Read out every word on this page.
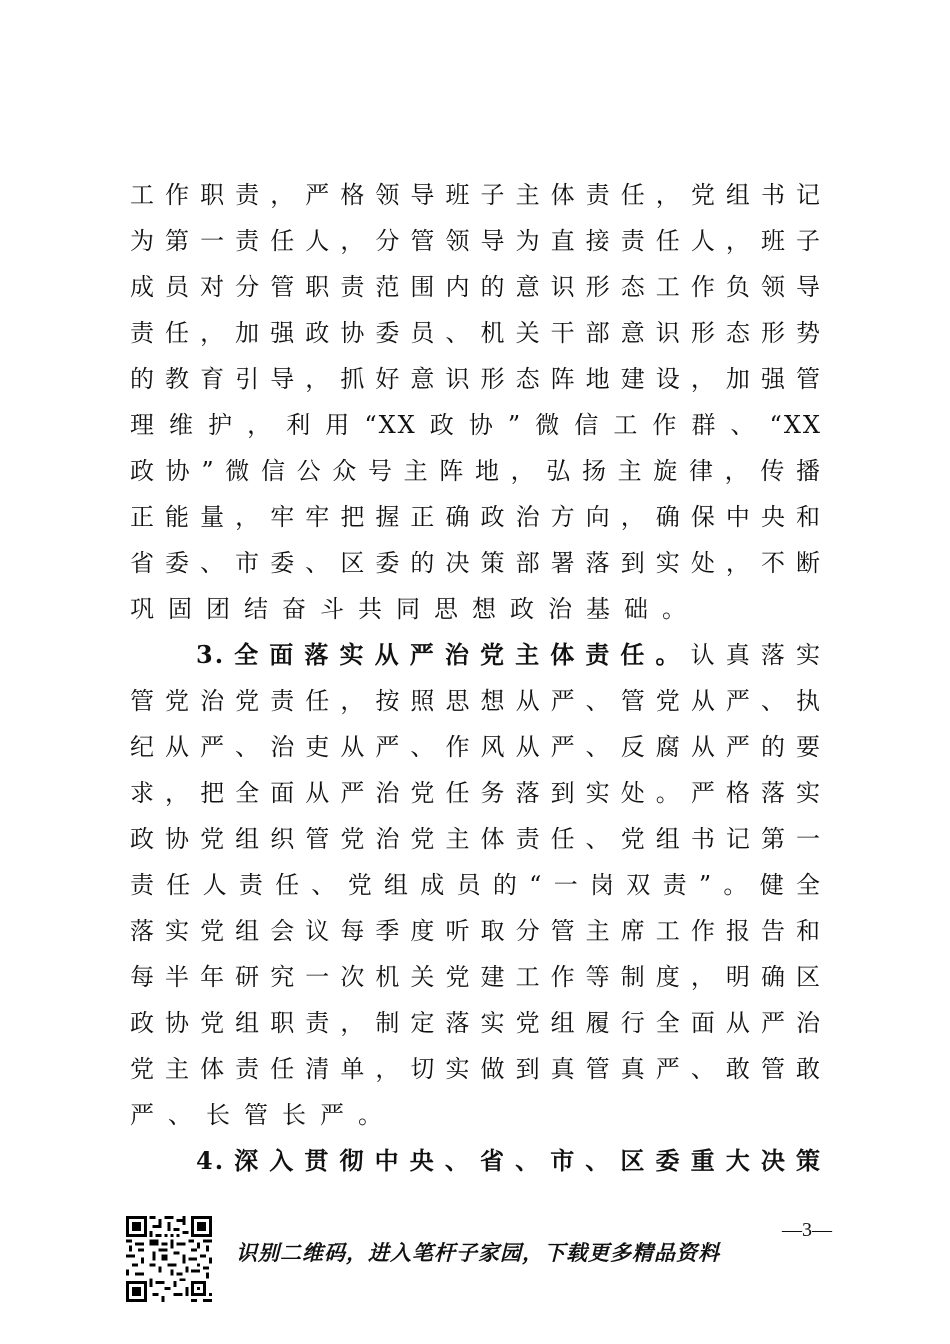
工作职责，严格领导班子主体责任，党组书记
为第一责任人，分管领导为直接责任人，班子
成员对分管职责范围内的意识形态工作负领导
责任，加强政协委员、机关干部意识形态形势
的教育引导，抓好意识形态阵地建设，加强管
理维护，利用“XX政协”微信工作群、“XX
政协”微信公众号主阵地，弘扬主旋律，传播
正能量，牢牢把握正确政治方向，确保中央和
省委、市委、区委的决策部署落到实处，不断
巩固团结奋斗共同思想政治基础。
3.全面落实从严治党主体责任。认真落实
管党治党责任，按照思想从严、管党从严、执
纪从严、治吏从严、作风从严、反腐从严的要
求，把全面从严治党任务落到实处。严格落实
政协党组织管党治党主体责任、党组书记第一
责任人责任、党组成员的“一岗双责”。健全
落实党组会议每季度听取分管主席工作报告和
每半年研究一次机关党建工作等制度，明确区
政协党组职责，制定落实党组履行全面从严治
党主体责任清单，切实做到真管真严、敢管敢
严、长管长严。
4.深入贯彻中央、省、市、区委重大决策
—3—
识别二维码，进入笔杆子家园，下载更多精品资料
